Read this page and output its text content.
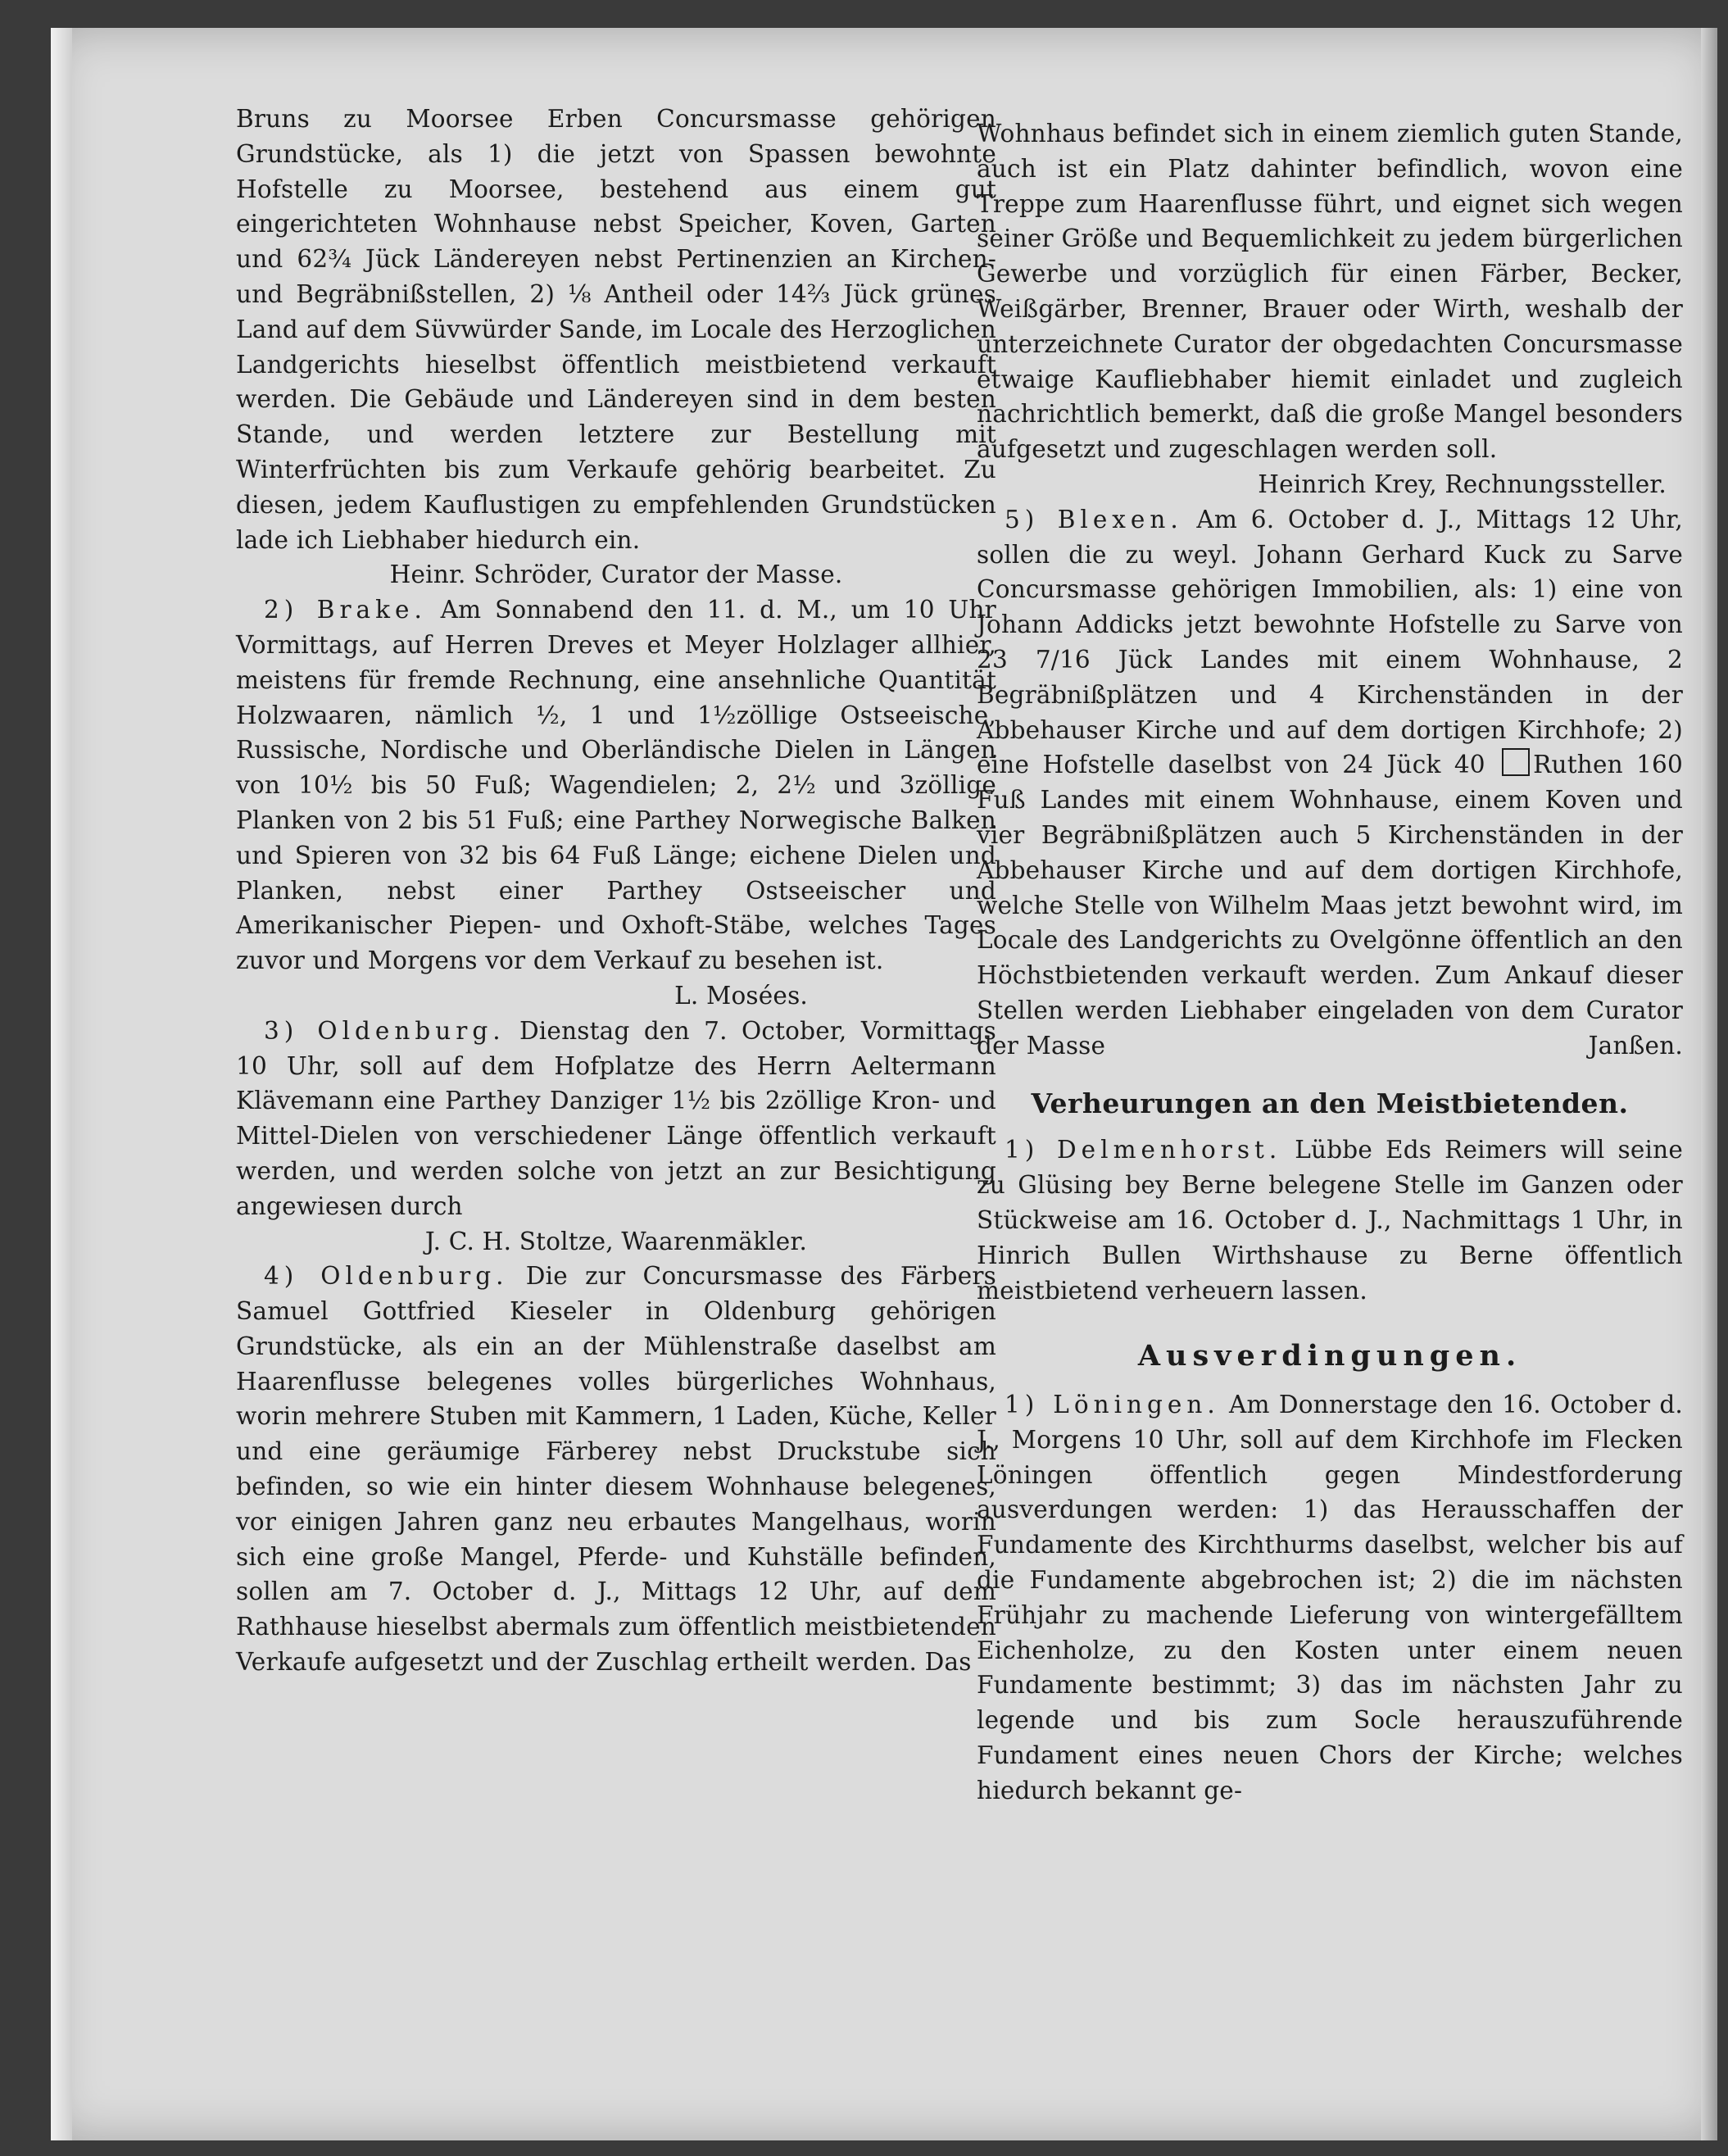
Bruns zu Moorsee Erben Concursmasse gehörigen Grundstücke, als 1) die jetzt von Spassen bewohnte Hofstelle zu Moorsee, bestehend aus einem gut eingerichteten Wohnhause nebst Speicher, Koven, Garten und 62¾ Jück Ländereyen nebst Pertinenzien an Kirchen- und Begräbnißstellen, 2) ⅛ Antheil oder 14⅔ Jück grünes Land auf dem Süvwürder Sande, im Locale des Herzoglichen Landgerichts hieselbst öffentlich meistbietend verkauft werden. Die Gebäude und Ländereyen sind in dem besten Stande, und werden letztere zur Bestellung mit Winterfrüchten bis zum Verkaufe gehörig bearbeitet. Zu diesen, jedem Kauflustigen zu empfehlenden Grundstücken lade ich Liebhaber hiedurch ein.

Heinr. Schröder, Curator der Masse.

2) Brake. Am Sonnabend den 11. d. M., um 10 Uhr Vormittags, auf Herren Dreves et Meyer Holzlager allhier, meistens für fremde Rechnung, eine ansehnliche Quantität Holzwaaren, nämlich ½, 1 und 1½zöllige Ostseeische, Russische, Nordische und Oberländische Dielen in Längen von 10½ bis 50 Fuß; Wagendielen; 2, 2½ und 3zöllige Planken von 2 bis 51 Fuß; eine Parthey Norwegische Balken und Spieren von 32 bis 64 Fuß Länge; eichene Dielen und Planken, nebst einer Parthey Ostseeischer und Amerikanischer Piepen- und Oxhoft-Stäbe, welches Tages zuvor und Morgens vor dem Verkauf zu besehen ist.

L. Mosées.

3) Oldenburg. Dienstag den 7. October, Vormittags 10 Uhr, soll auf dem Hofplatze des Herrn Aeltermann Klävemann eine Parthey Danziger 1½ bis 2zöllige Kron- und Mittel-Dielen von verschiedener Länge öffentlich verkauft werden, und werden solche von jetzt an zur Besichtigung angewiesen durch

J. C. H. Stoltze, Waarenmäkler.

4) Oldenburg. Die zur Concursmasse des Färbers Samuel Gottfried Kieseler in Oldenburg gehörigen Grundstücke, als ein an der Mühlenstraße daselbst am Haarenflusse belegenes volles bürgerliches Wohnhaus, worin mehrere Stuben mit Kammern, 1 Laden, Küche, Keller und eine geräumige Färberey nebst Druckstube sich befinden, so wie ein hinter diesem Wohnhause belegenes, vor einigen Jahren ganz neu erbautes Mangelhaus, worin sich eine große Mangel, Pferde- und Kuhställe befinden, sollen am 7. October d. J., Mittags 12 Uhr, auf dem Rathhause hieselbst abermals zum öffentlich meistbietenden Verkaufe aufgesetzt und der Zuschlag ertheilt werden. Das

Wohnhaus befindet sich in einem ziemlich guten Stande, auch ist ein Platz dahinter befindlich, wovon eine Treppe zum Haarenflusse führt, und eignet sich wegen seiner Größe und Bequemlichkeit zu jedem bürgerlichen Gewerbe und vorzüglich für einen Färber, Becker, Weißgärber, Brenner, Brauer oder Wirth, weshalb der unterzeichnete Curator der obgedachten Concursmasse etwaige Kaufliebhaber hiemit einladet und zugleich nachrichtlich bemerkt, daß die große Mangel besonders aufgesetzt und zugeschlagen werden soll.

Heinrich Krey, Rechnungssteller.

5) Blexen. Am 6. October d. J., Mittags 12 Uhr, sollen die zu weyl. Johann Gerhard Kuck zu Sarve Concursmasse gehörigen Immobilien, als: 1) eine von Johann Addicks jetzt bewohnte Hofstelle zu Sarve von 23 7/16 Jück Landes mit einem Wohnhause, 2 Begräbnißplätzen und 4 Kirchenständen in der Abbehauser Kirche und auf dem dortigen Kirchhofe; 2) eine Hofstelle daselbst von 24 Jück 40 Ruthen 160 Fuß Landes mit einem Wohnhause, einem Koven und vier Begräbnißplätzen auch 5 Kirchenständen in der Abbehauser Kirche und auf dem dortigen Kirchhofe, welche Stelle von Wilhelm Maas jetzt bewohnt wird, im Locale des Landgerichts zu Ovelgönne öffentlich an den Höchstbietenden verkauft werden. Zum Ankauf dieser Stellen werden Liebhaber eingeladen von dem Curator der Masse	Janßen.

Verheurungen an den Meistbietenden.

1) Delmenhorst. Lübbe Eds Reimers will seine zu Glüsing bey Berne belegene Stelle im Ganzen oder Stückweise am 16. October d. J., Nachmittags 1 Uhr, in Hinrich Bullen Wirthshause zu Berne öffentlich meistbietend verheuern lassen.

Ausverdingungen.

1) Löningen. Am Donnerstage den 16. October d. J., Morgens 10 Uhr, soll auf dem Kirchhofe im Flecken Löningen öffentlich gegen Mindestforderung ausverdungen werden: 1) das Herausschaffen der Fundamente des Kirchthurms daselbst, welcher bis auf die Fundamente abgebrochen ist; 2) die im nächsten Frühjahr zu machende Lieferung von wintergefälltem Eichenholze, zu den Kosten unter einem neuen Fundamente bestimmt; 3) das im nächsten Jahr zu legende und bis zum Socle herauszuführende Fundament eines neuen Chors der Kirche; welches hiedurch bekannt ge-
